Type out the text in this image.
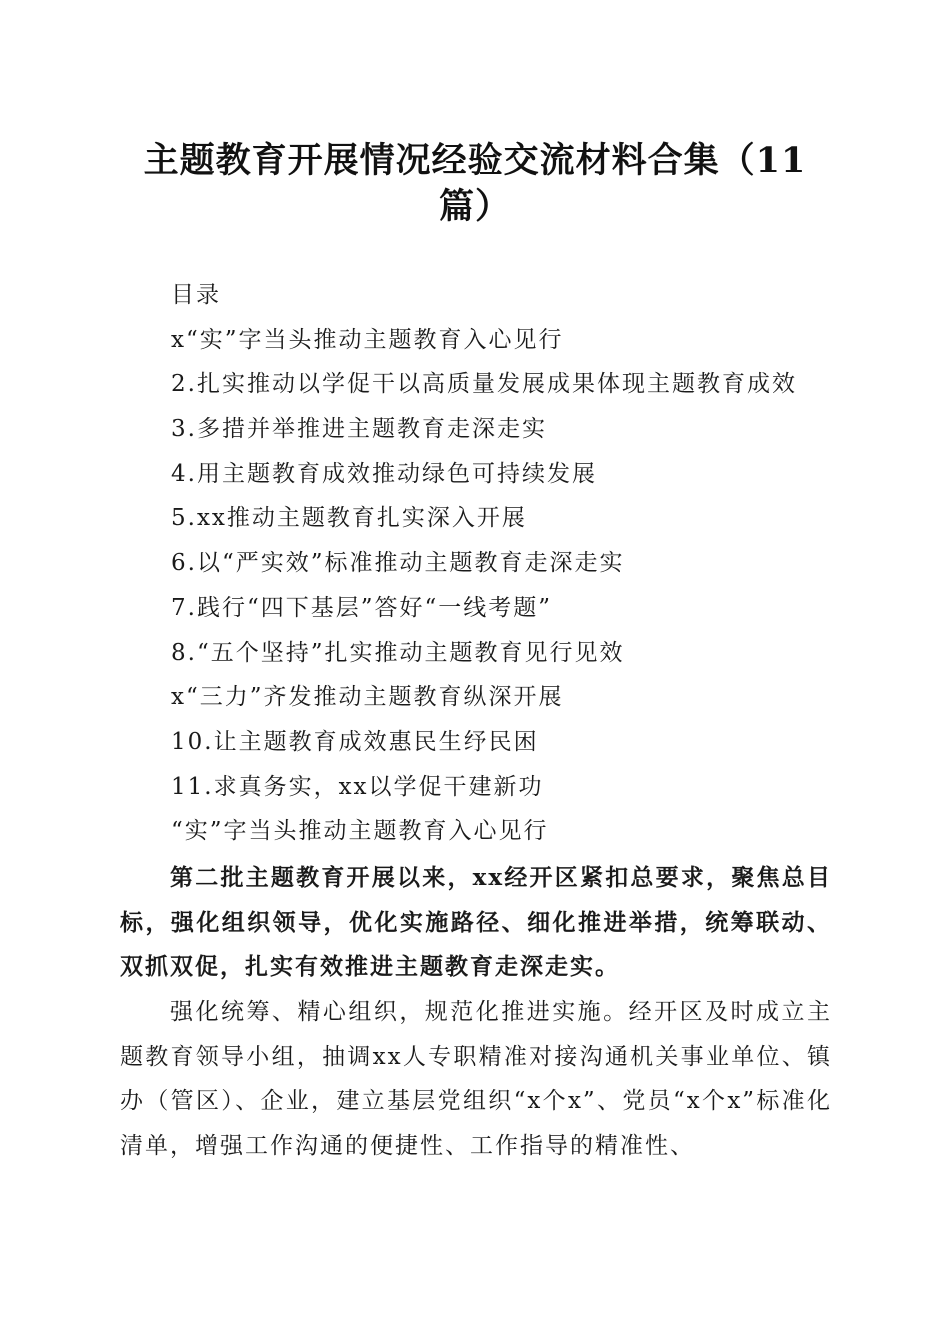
主题教育开展情况经验交流材料合集（11篇）
目录
x“实”字当头推动主题教育入心见行
2.扎实推动以学促干以高质量发展成果体现主题教育成效
3.多措并举推进主题教育走深走实
4.用主题教育成效推动绿色可持续发展
5.xx推动主题教育扎实深入开展
6.以“严实效”标准推动主题教育走深走实
7.践行“四下基层”答好“一线考题”
8.“五个坚持”扎实推动主题教育见行见效
x“三力”齐发推动主题教育纵深开展
10.让主题教育成效惠民生纾民困
11.求真务实，xx以学促干建新功
“实”字当头推动主题教育入心见行

第二批主题教育开展以来，xx经开区紧扣总要求，聚焦总目标，强化组织领导，优化实施路径、细化推进举措，统筹联动、双抓双促，扎实有效推进主题教育走深走实。

强化统筹、精心组织，规范化推进实施。经开区及时成立主题教育领导小组，抽调xx人专职精准对接沟通机关事业单位、镇办（管区）、企业，建立基层党组织“x个x”、党员“x个x”标准化清单，增强工作沟通的便捷性、工作指导的精准性、
